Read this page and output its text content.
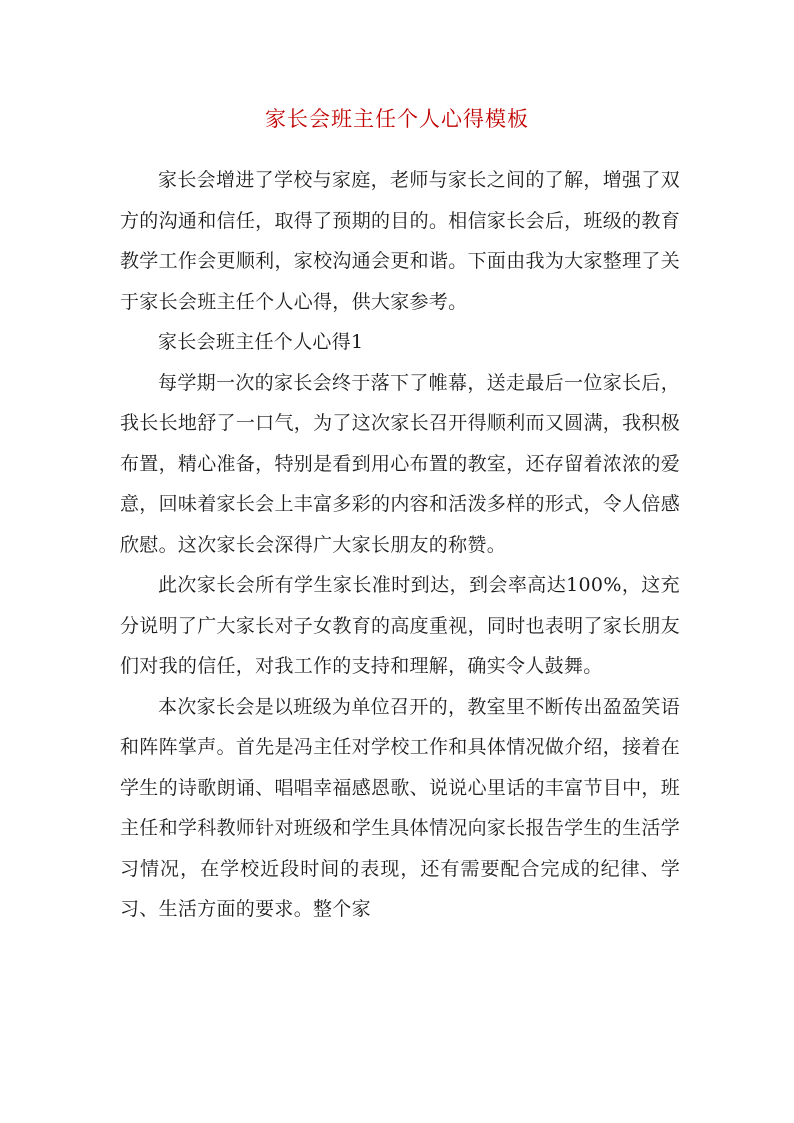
家长会班主任个人心得模板

家长会增进了学校与家庭，老师与家长之间的了解，增强了双方的沟通和信任，取得了预期的目的。相信家长会后，班级的教育教学工作会更顺利，家校沟通会更和谐。下面由我为大家整理了关于家长会班主任个人心得，供大家参考。

家长会班主任个人心得1

每学期一次的家长会终于落下了帷幕，送走最后一位家长后，我长长地舒了一口气，为了这次家长召开得顺利而又圆满，我积极布置，精心准备，特别是看到用心布置的教室，还存留着浓浓的爱意，回味着家长会上丰富多彩的内容和活泼多样的形式，令人倍感欣慰。这次家长会深得广大家长朋友的称赞。

此次家长会所有学生家长准时到达，到会率高达100%，这充分说明了广大家长对子女教育的高度重视，同时也表明了家长朋友们对我的信任，对我工作的支持和理解，确实令人鼓舞。

本次家长会是以班级为单位召开的，教室里不断传出盈盈笑语和阵阵掌声。首先是冯主任对学校工作和具体情况做介绍，接着在学生的诗歌朗诵、唱唱幸福感恩歌、说说心里话的丰富节目中，班主任和学科教师针对班级和学生具体情况向家长报告学生的生活学习情况，在学校近段时间的表现，还有需要配合完成的纪律、学习、生活方面的要求。整个家
